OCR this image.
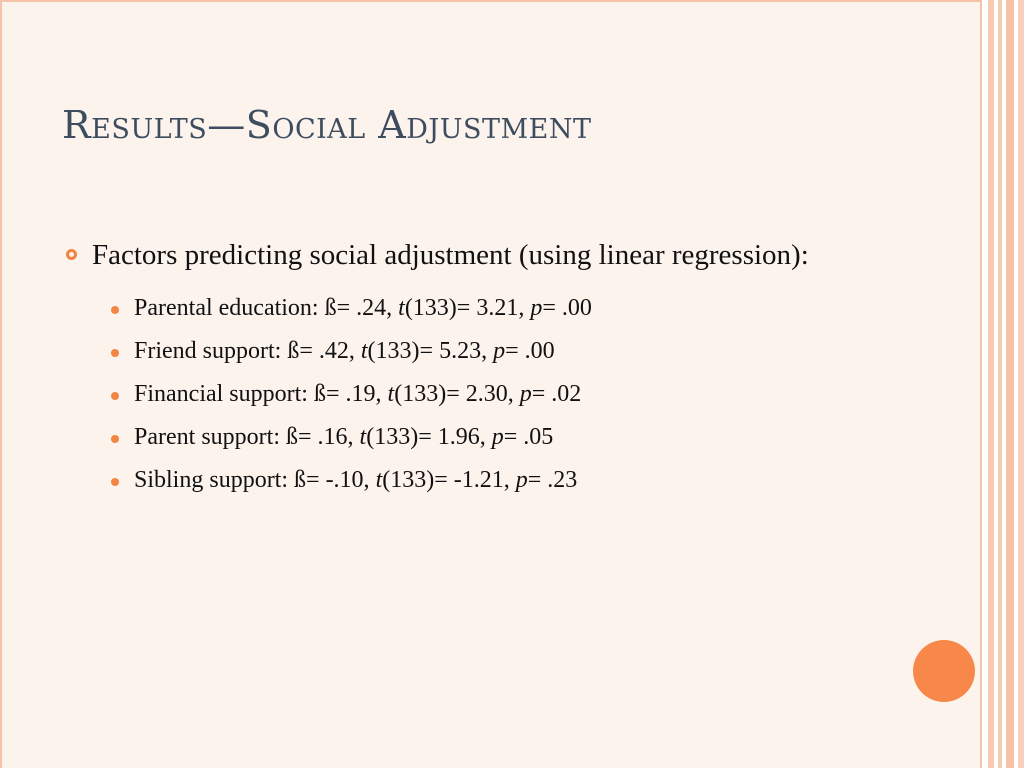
Results—Social Adjustment
Factors predicting social adjustment (using linear regression):
Parental education: ß= .24, t(133)= 3.21, p= .00
Friend support: ß= .42, t(133)= 5.23, p= .00
Financial support: ß= .19, t(133)= 2.30, p= .02
Parent support: ß= .16, t(133)= 1.96, p= .05
Sibling support: ß= -.10, t(133)= -1.21, p= .23
